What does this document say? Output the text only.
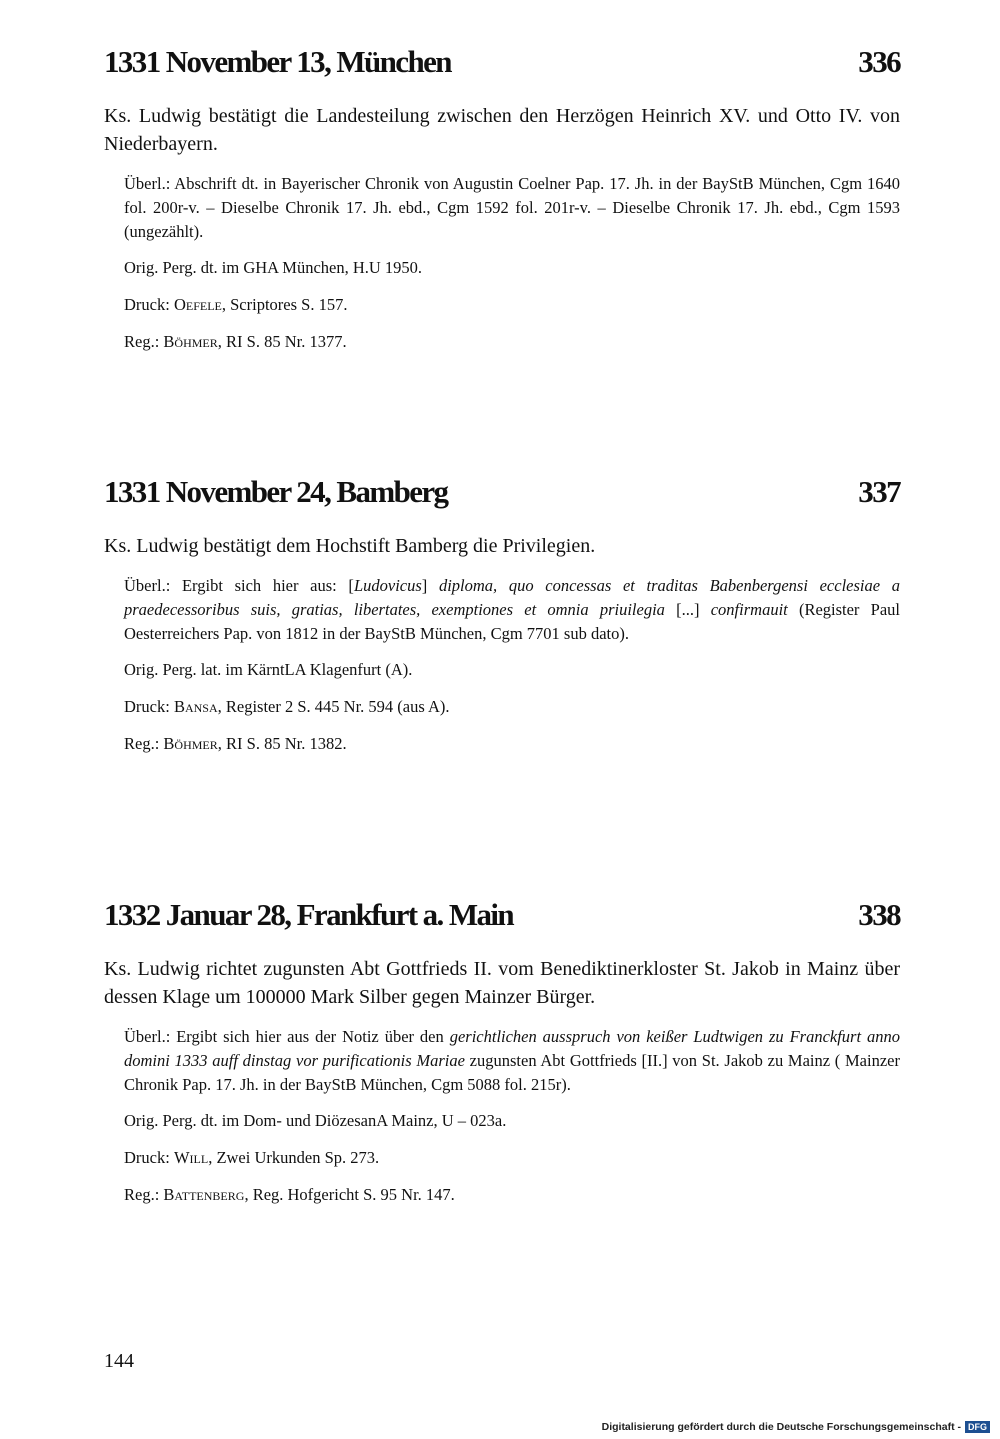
1331 November 13, München	336

Ks. Ludwig bestätigt die Landesteilung zwischen den Herzögen Heinrich XV. und Otto IV. von Niederbayern.

Überl.: Abschrift dt. in Bayerischer Chronik von Augustin Coelner Pap. 17. Jh. in der BayStB München, Cgm 1640 fol. 200r-v. – Dieselbe Chronik 17. Jh. ebd., Cgm 1592 fol. 201r-v. – Dieselbe Chronik 17. Jh. ebd., Cgm 1593 (ungezählt).

Orig. Perg. dt. im GHA München, H.U 1950.

Druck: Oefele, Scriptores S. 157.

Reg.: Böhmer, RI S. 85 Nr. 1377.

1331 November 24, Bamberg	337

Ks. Ludwig bestätigt dem Hochstift Bamberg die Privilegien.

Überl.: Ergibt sich hier aus: [Ludovicus] diploma, quo concessas et traditas Babenbergensi ecclesiae a praedecessoribus suis, gratias, libertates, exemptiones et omnia priuilegia [...] confirmauit (Register Paul Oesterreichers Pap. von 1812 in der BayStB München, Cgm 7701 sub dato).

Orig. Perg. lat. im KärntLA Klagenfurt (A).

Druck: Bansa, Register 2 S. 445 Nr. 594 (aus A).

Reg.: Böhmer, RI S. 85 Nr. 1382.

1332 Januar 28, Frankfurt a. Main	338

Ks. Ludwig richtet zugunsten Abt Gottfrieds II. vom Benediktinerkloster St. Jakob in Mainz über dessen Klage um 100000 Mark Silber gegen Mainzer Bürger.

Überl.: Ergibt sich hier aus der Notiz über den gerichtlichen ausspruch von keißer Ludtwigen zu Franckfurt anno domini 1333 auff dinstag vor purificationis Mariae zugunsten Abt Gottfrieds [II.] von St. Jakob zu Mainz ( Mainzer Chronik Pap. 17. Jh. in der BayStB München, Cgm 5088 fol. 215r).

Orig. Perg. dt. im Dom- und DiözesanA Mainz, U – 023a.

Druck: Will, Zwei Urkunden Sp. 273.

Reg.: Battenberg, Reg. Hofgericht S. 95 Nr. 147.

144
Digitalisierung gefördert durch die Deutsche Forschungsgemeinschaft - DFG
